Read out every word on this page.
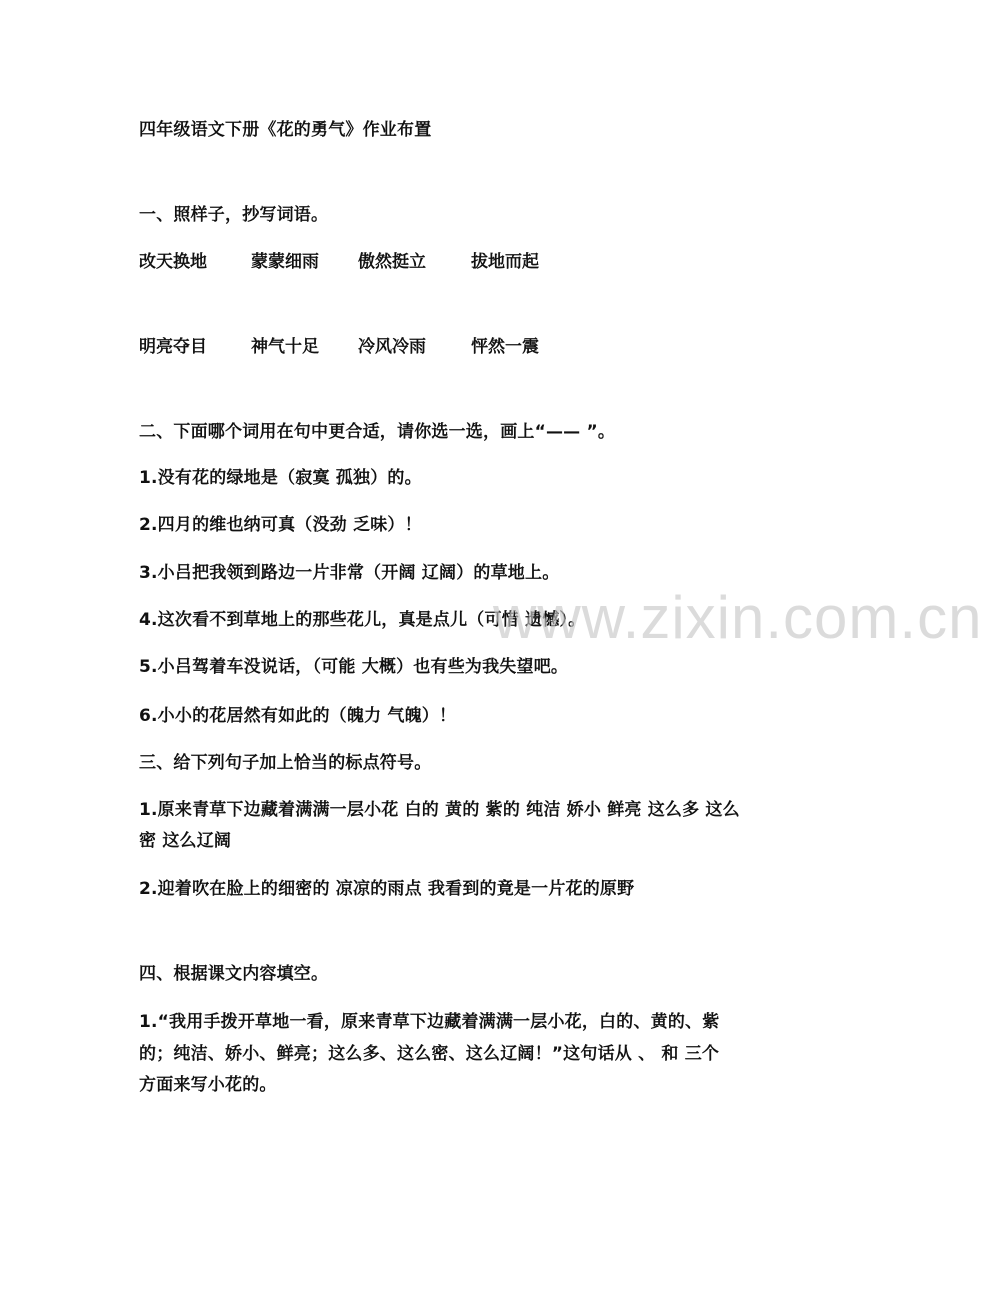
四年级语文下册《花的勇气》作业布置
一、照样子，抄写词语。
改天换地	蒙蒙细雨 傲然挺立	拔地而起
明亮夺目	神气十足 冷风冷雨	怦然一震
二、下面哪个词用在句中更合适，请你选一选，画上“—— ”。
1.没有花的绿地是（寂寞 孤独）的。
2.四月的维也纳可真（没劲 乏味）！
3.小吕把我领到路边一片非常（开阔 辽阔）的草地上。
4.这次看不到草地上的那些花儿，真是点儿（可惜 遗憾）。
5.小吕驾着车没说话，（可能 大概）也有些为我失望吧。
6.小小的花居然有如此的（魄力 气魄）！
三、给下列句子加上恰当的标点符号。
1.原来青草下边藏着满满一层小花 白的 黄的 紫的 纯洁 娇小 鲜亮 这么多 这么
密 这么辽阔
2.迎着吹在脸上的细密的 凉凉的雨点 我看到的竟是一片花的原野
四、根据课文内容填空。
1.“我用手拨开草地一看，原来青草下边藏着满满一层小花，白的、黄的、紫
的；纯洁、娇小、鲜亮；这么多、这么密、这么辽阔！”这句话从 、 和 三个
方面来写小花的。
www.zixin.com.cn
